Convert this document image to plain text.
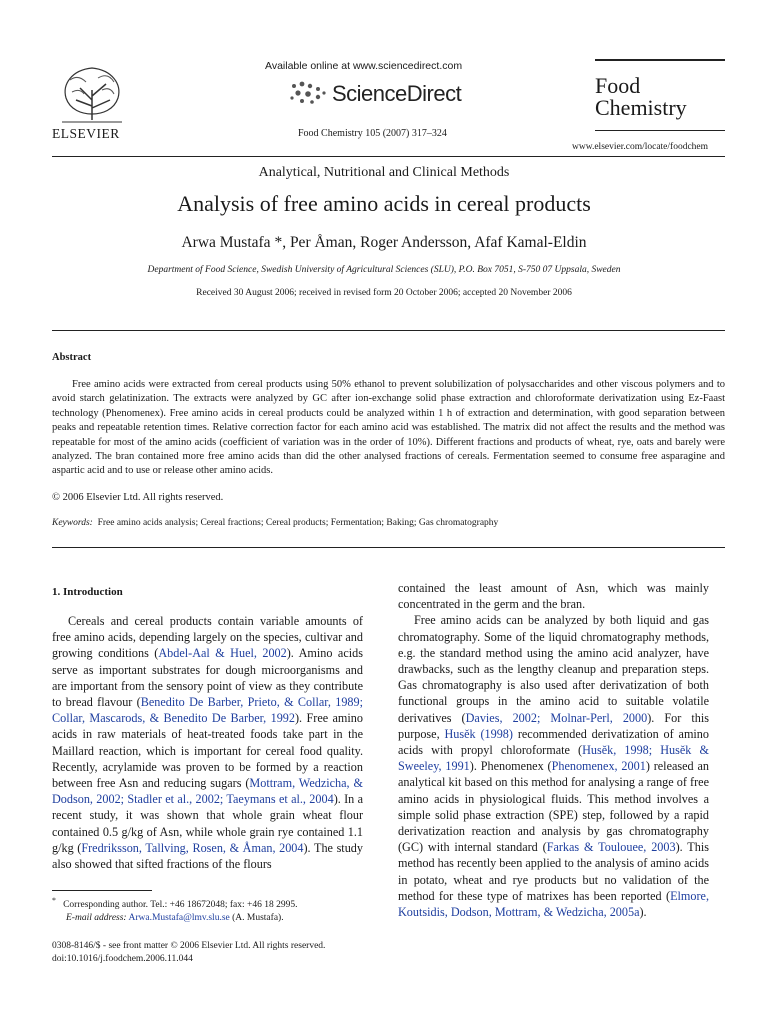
ELSEVIER
Available online at www.sciencedirect.com
ScienceDirect
Food Chemistry 105 (2007) 317–324
Food
Chemistry
www.elsevier.com/locate/foodchem
Analytical, Nutritional and Clinical Methods
Analysis of free amino acids in cereal products
Arwa Mustafa *, Per Åman, Roger Andersson, Afaf Kamal-Eldin
Department of Food Science, Swedish University of Agricultural Sciences (SLU), P.O. Box 7051, S-750 07 Uppsala, Sweden
Received 30 August 2006; received in revised form 20 October 2006; accepted 20 November 2006
Abstract
Free amino acids were extracted from cereal products using 50% ethanol to prevent solubilization of polysaccharides and other viscous polymers and to avoid starch gelatinization. The extracts were analyzed by GC after ion-exchange solid phase extraction and chloroformate derivatization using Ez-Faast technology (Phenomenex). Free amino acids in cereal products could be analyzed within 1 h of extraction and determination, with good separation between peaks and repeatable retention times. Relative correction factor for each amino acid was established. The matrix did not affect the results and the method was repeatable for most of the amino acids (coefficient of variation was in the order of 10%). Different fractions and products of wheat, rye, oats and barely were analyzed. The bran contained more free amino acids than did the other analysed fractions of cereals. Fermentation seemed to consume free asparagine and aspartic acid and to use or release other amino acids.
© 2006 Elsevier Ltd. All rights reserved.
Keywords: Free amino acids analysis; Cereal fractions; Cereal products; Fermentation; Baking; Gas chromatography
1. Introduction

Cereals and cereal products contain variable amounts of free amino acids, depending largely on the species, cultivar and growing conditions (Abdel-Aal & Huel, 2002). Amino acids serve as important substrates for dough microorganisms and are important from the sensory point of view as they contribute to bread flavour (Benedito De Barber, Prieto, & Collar, 1989; Collar, Mascarods, & Benedito De Barber, 1992). Free amino acids in raw materials of heat-treated foods take part in the Maillard reaction, which is important for cereal food quality. Recently, acrylamide was proven to be formed by a reaction between free Asn and reducing sugars (Mottram, Wedzicha, & Dodson, 2002; Stadler et al., 2002; Taeymans et al., 2004). In a recent study, it was shown that whole grain wheat flour contained 0.5 g/kg of Asn, while whole grain rye contained 1.1 g/kg (Fredriksson, Tallving, Rosen, & Åman, 2004). The study also showed that sifted fractions of the flours

contained the least amount of Asn, which was mainly concentrated in the germ and the bran.

Free amino acids can be analyzed by both liquid and gas chromatography. Some of the liquid chromatography methods, e.g. the standard method using the amino acid analyzer, have drawbacks, such as the lengthy cleanup and preparation steps. Gas chromatography is also used after derivatization of both functional groups in the amino acid to suitable volatile derivatives (Davies, 2002; Molnar-Perl, 2000). For this purpose, Husěk (1998) recommended derivatization of amino acids with propyl chloroformate (Husěk, 1998; Husěk & Sweeley, 1991). Phenomenex (Phenomenex, 2001) released an analytical kit based on this method for analysing a range of free amino acids in physiological fluids. This method involves a simple solid phase extraction (SPE) step, followed by a rapid derivatization reaction and analysis by gas chromatography (GC) with internal standard (Farkas & Toulouee, 2003). This method has recently been applied to the analysis of amino acids in potato, wheat and rye products but no validation of the method for these type of matrixes has been reported (Elmore, Koutsidis, Dodson, Mottram, & Wedzicha, 2005a).

* Corresponding author. Tel.: +46 18672048; fax: +46 18 2995.
E-mail address: Arwa.Mustafa@lmv.slu.se (A. Mustafa).
0308-8146/$ - see front matter © 2006 Elsevier Ltd. All rights reserved.
doi:10.1016/j.foodchem.2006.11.044
